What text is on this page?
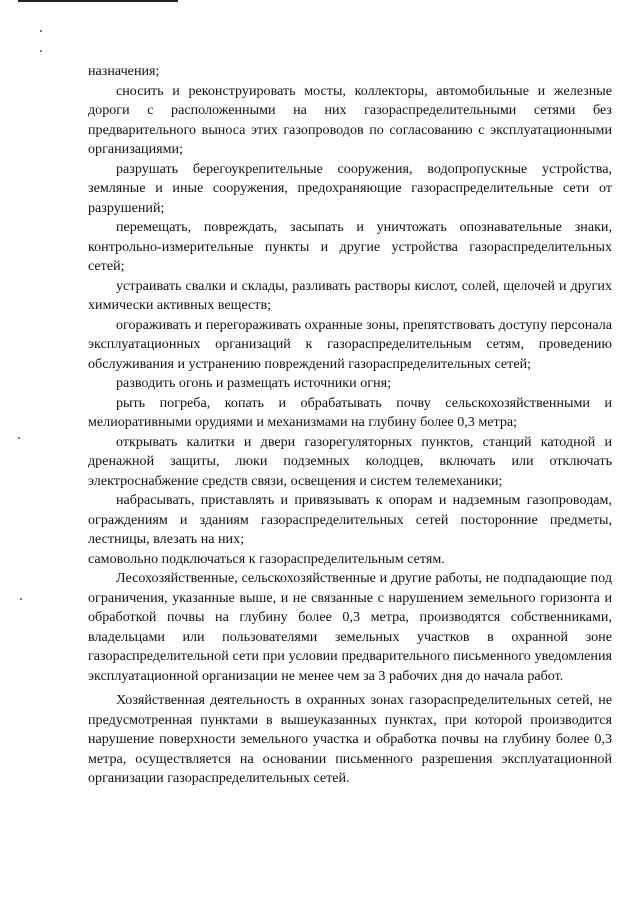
назначения;

сносить и реконструировать мосты, коллекторы, автомобильные и железные дороги с расположенными на них газораспределительными сетями без предварительного выноса этих газопроводов по согласованию с эксплуатационными организациями;

разрушать берегоукрепительные сооружения, водопропускные устройства, земляные и иные сооружения, предохраняющие газораспределительные сети от разрушений;

перемещать, повреждать, засыпать и уничтожать опознавательные знаки, контрольно-измерительные пункты и другие устройства газораспределительных сетей;

устраивать свалки и склады, разливать растворы кислот, солей, щелочей и других химически активных веществ;

огораживать и перегораживать охранные зоны, препятствовать доступу персонала эксплуатационных организаций к газораспределительным сетям, проведению обслуживания и устранению повреждений газораспределительных сетей;

разводить огонь и размещать источники огня;

рыть погреба, копать и обрабатывать почву сельскохозяйственными и мелиоративными орудиями и механизмами на глубину более 0,3 метра;

открывать калитки и двери газорегуляторных пунктов, станций катодной и дренажной защиты, люки подземных колодцев, включать или отключать электроснабжение средств связи, освещения и систем телемеханики;

набрасывать, приставлять и привязывать к опорам и надземным газопроводам, ограждениям и зданиям газораспределительных сетей посторонние предметы, лестницы, влезать на них;

самовольно подключаться к газораспределительным сетям.

Лесохозяйственные, сельскохозяйственные и другие работы, не подпадающие под ограничения, указанные выше, и не связанные с нарушением земельного горизонта и обработкой почвы на глубину более 0,3 метра, производятся собственниками, владельцами или пользователями земельных участков в охранной зоне газораспределительной сети при условии предварительного письменного уведомления эксплуатационной организации не менее чем за 3 рабочих дня до начала работ.

Хозяйственная деятельность в охранных зонах газораспределительных сетей, не предусмотренная пунктами в вышеуказанных пунктах, при которой производится нарушение поверхности земельного участка и обработка почвы на глубину более 0,3 метра, осуществляется на основании письменного разрешения эксплуатационной организации газораспределительных сетей.
